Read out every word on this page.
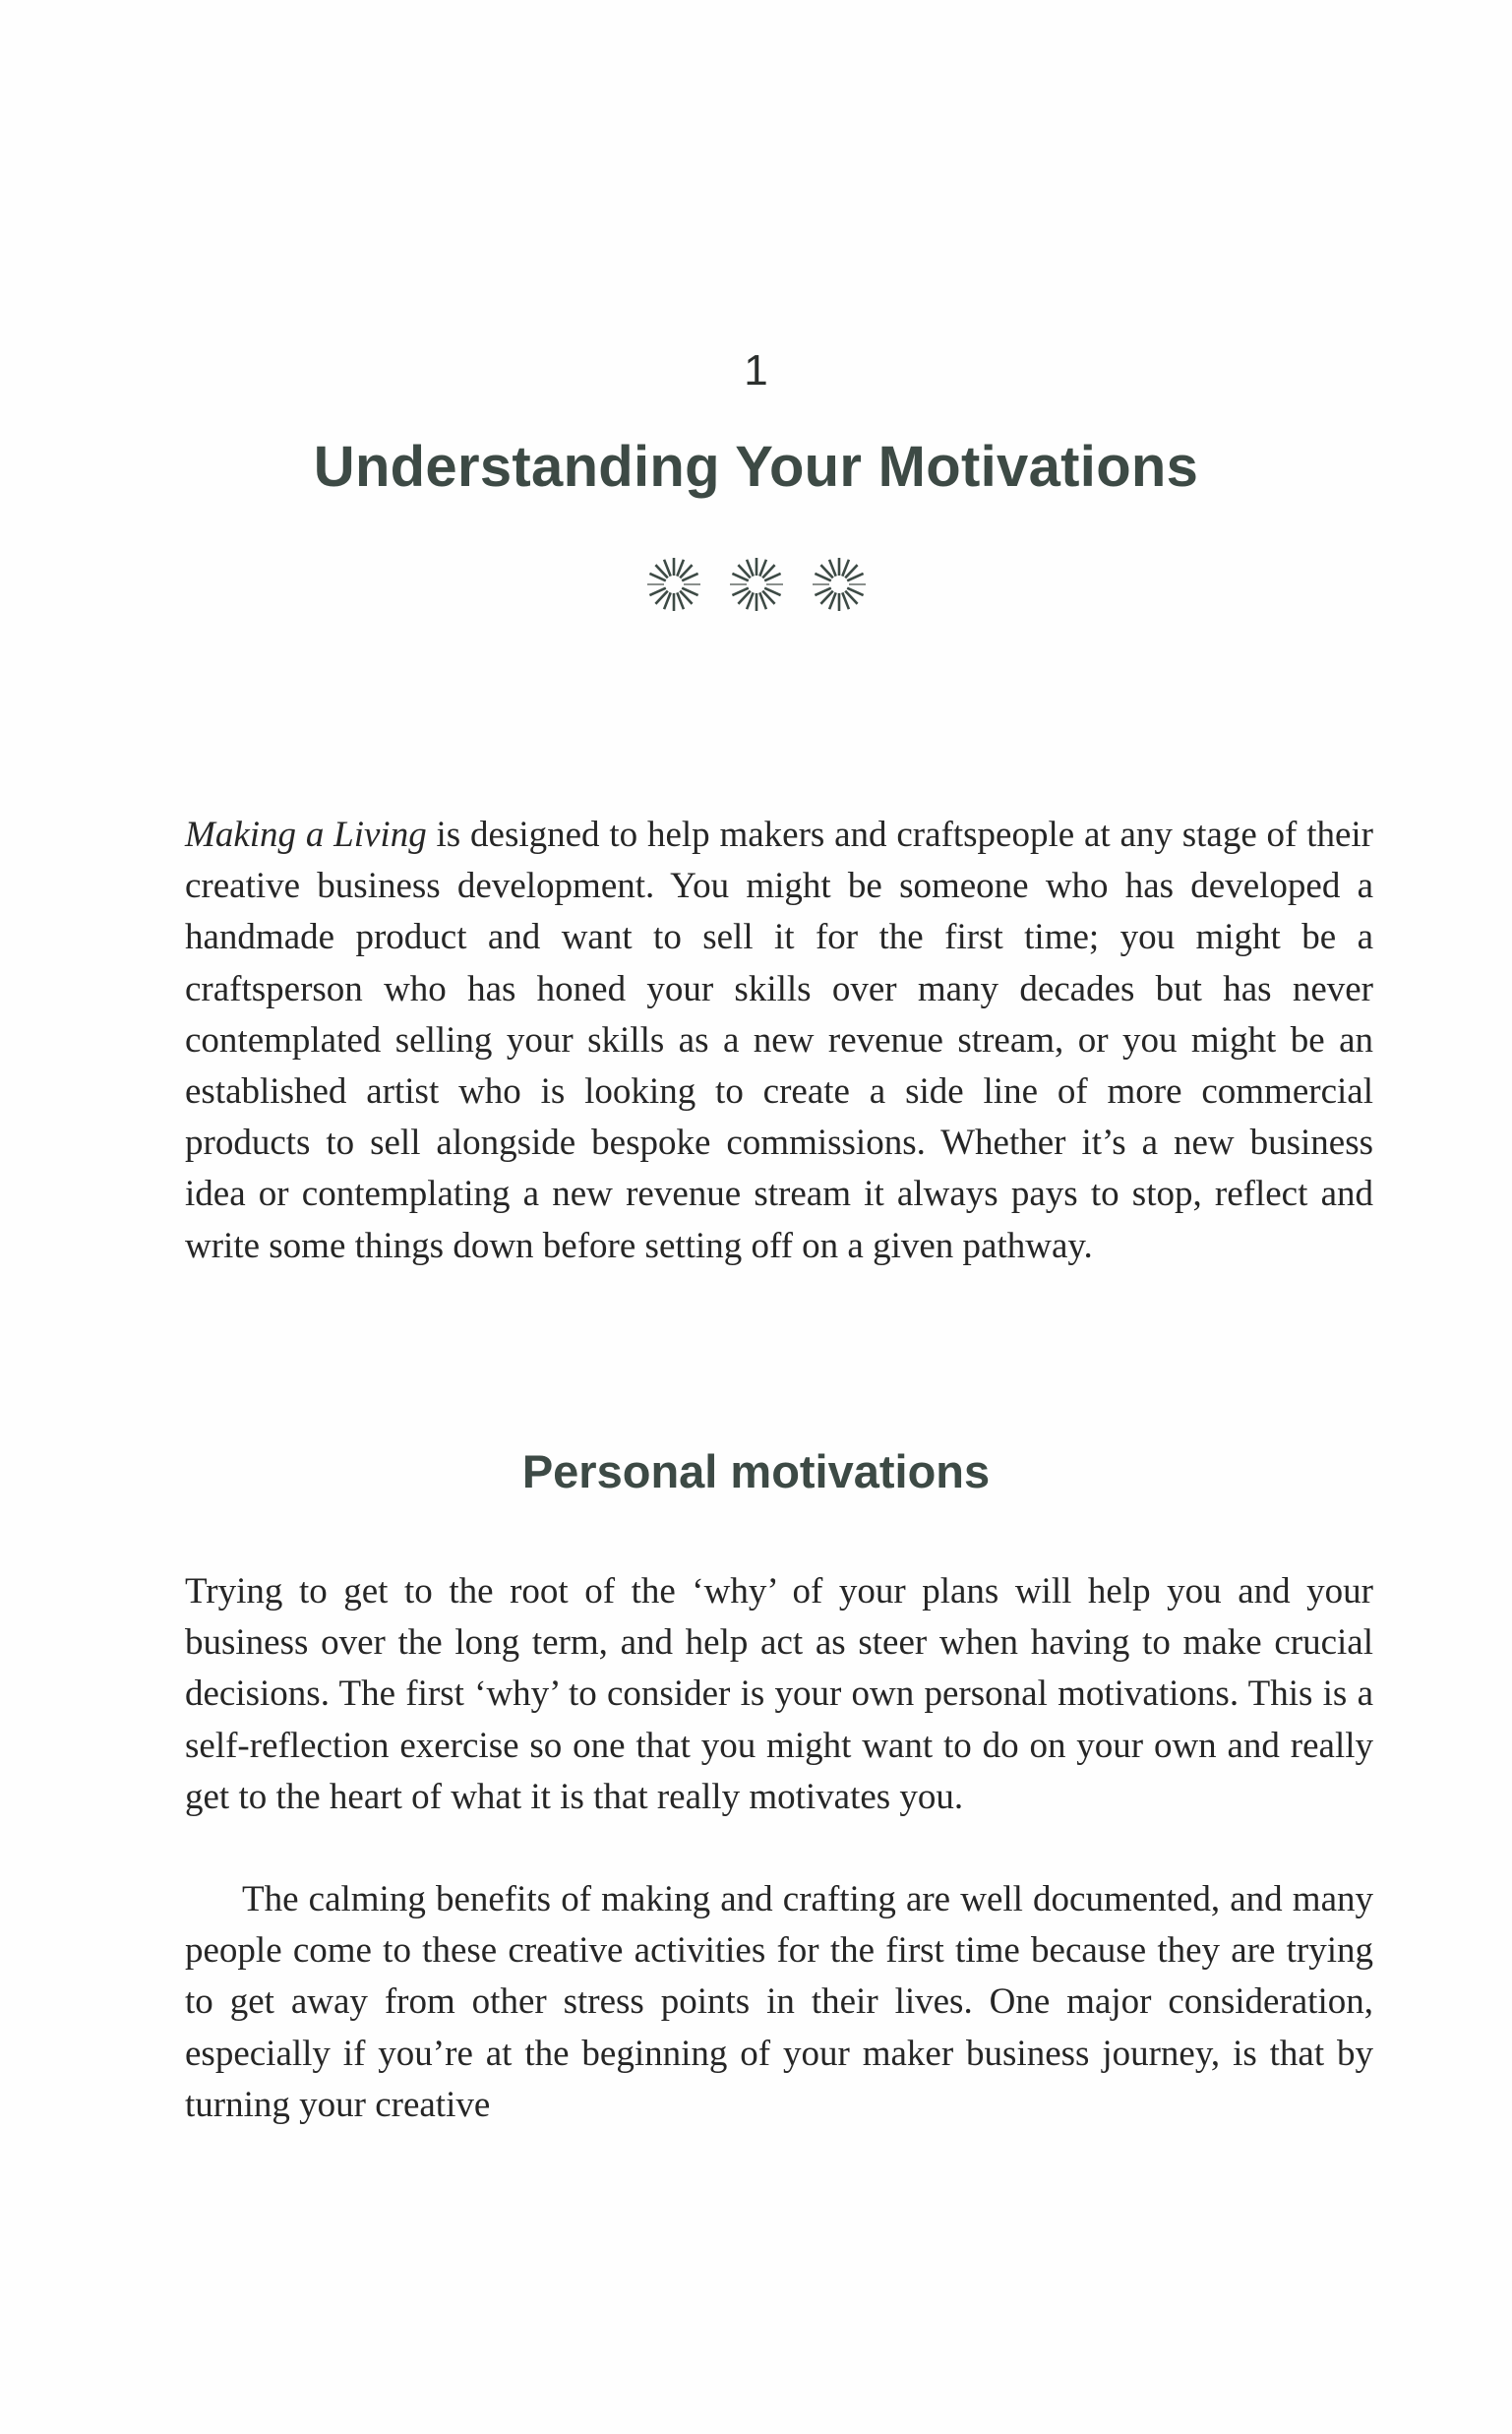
1
Understanding Your Motivations

Making a Living is designed to help makers and craftspeople at any stage of their creative business development. You might be someone who has developed a handmade product and want to sell it for the first time; you might be a craftsperson who has honed your skills over many decades but has never contemplated selling your skills as a new revenue stream, or you might be an established artist who is looking to create a side line of more commercial products to sell alongside bespoke commissions. Whether it’s a new business idea or contemplating a new revenue stream it always pays to stop, reflect and write some things down before setting off on a given pathway.

Personal motivations

Trying to get to the root of the ‘why’ of your plans will help you and your business over the long term, and help act as steer when having to make crucial decisions. The first ‘why’ to consider is your own personal motivations. This is a self-reflection exercise so one that you might want to do on your own and really get to the heart of what it is that really motivates you.

The calming benefits of making and crafting are well documented, and many people come to these creative activities for the first time because they are trying to get away from other stress points in their lives. One major consideration, especially if you’re at the beginning of your maker business journey, is that by turning your creative
